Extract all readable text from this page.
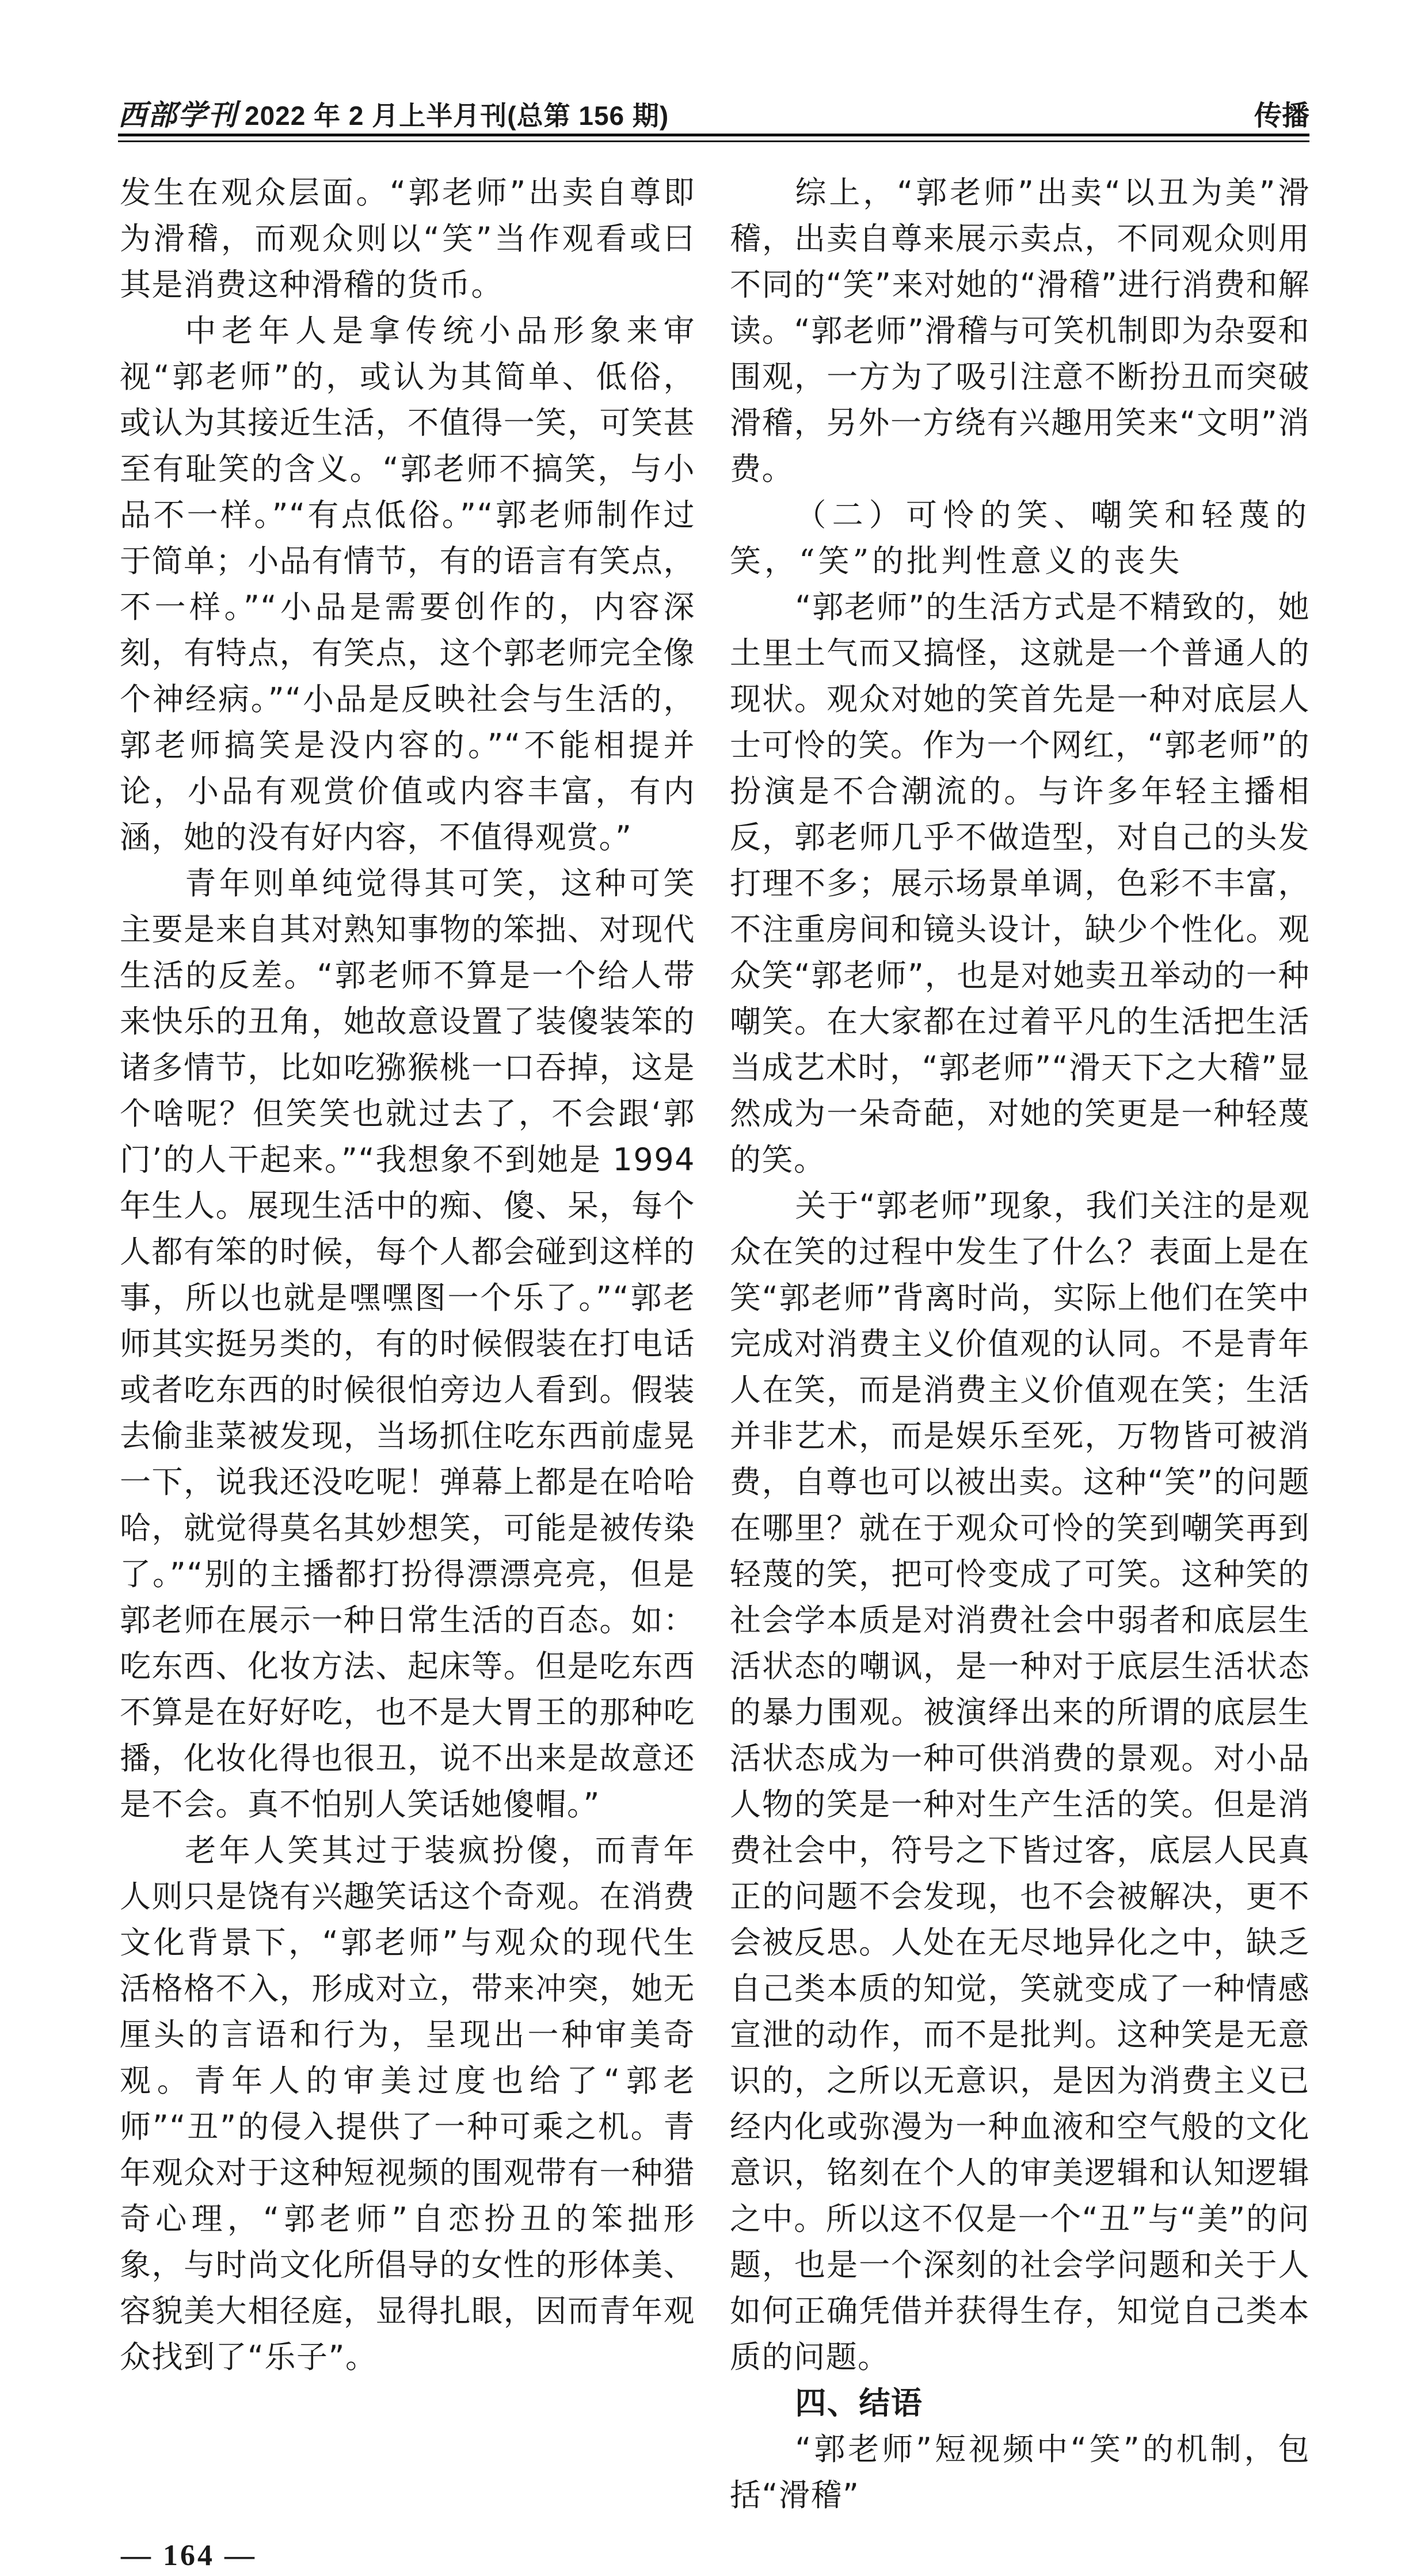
西部学刊 2022 年 2 月上半月刊(总第 156 期)	传播

发生在观众层面。“郭老师”出卖自尊即为滑稽，而观众则以“笑”当作观看或曰其是消费这种滑稽的货币。

中老年人是拿传统小品形象来审视“郭老师”的，或认为其简单、低俗，或认为其接近生活，不值得一笑，可笑甚至有耻笑的含义。“郭老师不搞笑，与小品不一样。”“有点低俗。”“郭老师制作过于简单；小品有情节，有的语言有笑点，不一样。”“小品是需要创作的，内容深刻，有特点，有笑点，这个郭老师完全像个神经病。”“小品是反映社会与生活的，郭老师搞笑是没内容的。”“不能相提并论，小品有观赏价值或内容丰富，有内涵，她的没有好内容，不值得观赏。”

青年则单纯觉得其可笑，这种可笑主要是来自其对熟知事物的笨拙、对现代生活的反差。“郭老师不算是一个给人带来快乐的丑角，她故意设置了装傻装笨的诸多情节，比如吃猕猴桃一口吞掉，这是个啥呢？但笑笑也就过去了，不会跟‘郭门’的人干起来。”“我想象不到她是 1994 年生人。展现生活中的痴、傻、呆，每个人都有笨的时候，每个人都会碰到这样的事，所以也就是嘿嘿图一个乐了。”“郭老师其实挺另类的，有的时候假装在打电话或者吃东西的时候很怕旁边人看到。假装去偷韭菜被发现，当场抓住吃东西前虚晃一下，说我还没吃呢！弹幕上都是在哈哈哈，就觉得莫名其妙想笑，可能是被传染了。”“别的主播都打扮得漂漂亮亮，但是郭老师在展示一种日常生活的百态。如：吃东西、化妆方法、起床等。但是吃东西不算是在好好吃，也不是大胃王的那种吃播，化妆化得也很丑，说不出来是故意还是不会。真不怕别人笑话她傻帽。”

老年人笑其过于装疯扮傻，而青年人则只是饶有兴趣笑话这个奇观。在消费文化背景下，“郭老师”与观众的现代生活格格不入，形成对立，带来冲突，她无厘头的言语和行为，呈现出一种审美奇观。青年人的审美过度也给了“郭老师”“丑”的侵入提供了一种可乘之机。青年观众对于这种短视频的围观带有一种猎奇心理，“郭老师”自恋扮丑的笨拙形象，与时尚文化所倡导的女性的形体美、容貌美大相径庭，显得扎眼，因而青年观众找到了“乐子”。

综上，“郭老师”出卖“以丑为美”滑稽，出卖自尊来展示卖点，不同观众则用不同的“笑”来对她的“滑稽”进行消费和解读。“郭老师”滑稽与可笑机制即为杂耍和围观，一方为了吸引注意不断扮丑而突破滑稽，另外一方绕有兴趣用笑来“文明”消费。

（二）可怜的笑、嘲笑和轻蔑的笑，“笑”的批判性意义的丧失

“郭老师”的生活方式是不精致的，她土里土气而又搞怪，这就是一个普通人的现状。观众对她的笑首先是一种对底层人士可怜的笑。作为一个网红，“郭老师”的扮演是不合潮流的。与许多年轻主播相反，郭老师几乎不做造型，对自己的头发打理不多；展示场景单调，色彩不丰富，不注重房间和镜头设计，缺少个性化。观众笑“郭老师”，也是对她卖丑举动的一种嘲笑。在大家都在过着平凡的生活把生活当成艺术时，“郭老师”“滑天下之大稽”显然成为一朵奇葩，对她的笑更是一种轻蔑的笑。

关于“郭老师”现象，我们关注的是观众在笑的过程中发生了什么？表面上是在笑“郭老师”背离时尚，实际上他们在笑中完成对消费主义价值观的认同。不是青年人在笑，而是消费主义价值观在笑；生活并非艺术，而是娱乐至死，万物皆可被消费，自尊也可以被出卖。这种“笑”的问题在哪里？就在于观众可怜的笑到嘲笑再到轻蔑的笑，把可怜变成了可笑。这种笑的社会学本质是对消费社会中弱者和底层生活状态的嘲讽，是一种对于底层生活状态的暴力围观。被演绎出来的所谓的底层生活状态成为一种可供消费的景观。对小品人物的笑是一种对生产生活的笑。但是消费社会中，符号之下皆过客，底层人民真正的问题不会发现，也不会被解决，更不会被反思。人处在无尽地异化之中，缺乏自己类本质的知觉，笑就变成了一种情感宣泄的动作，而不是批判。这种笑是无意识的，之所以无意识，是因为消费主义已经内化或弥漫为一种血液和空气般的文化意识，铭刻在个人的审美逻辑和认知逻辑之中。所以这不仅是一个“丑”与“美”的问题，也是一个深刻的社会学问题和关于人如何正确凭借并获得生存，知觉自己类本质的问题。

四、结语

“郭老师”短视频中“笑”的机制，包括“滑稽”

— 164 —
